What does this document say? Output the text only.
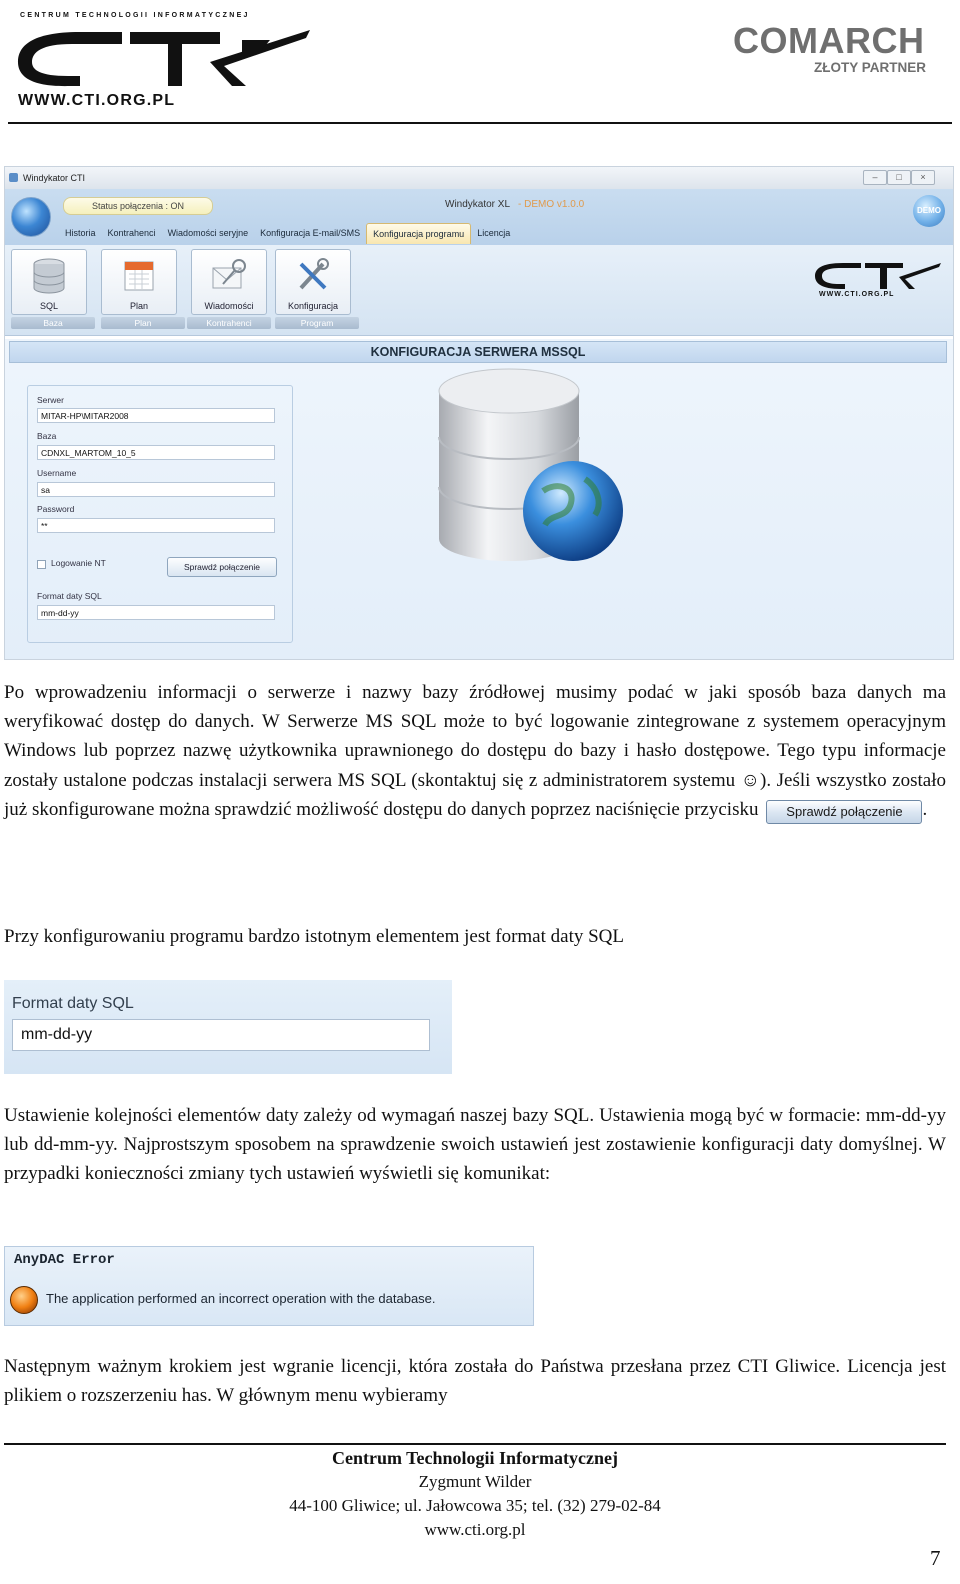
CENTRUM TECHNOLOGII INFORMATYCZNEJ
WWW.CTI.ORG.PL
COMARCH
ZŁOTY PARTNER
Windykator CTI	–	□	×
Status połączenia : ON	Windykator XL - DEMO v1.0.0
DEMO
Historia	Kontrahenci	Wiadomości seryjne	Konfiguracja E-mail/SMS	Konfiguracja programu	Licencja
SQL	Plan	Wiadomości	Konfiguracja
Baza	Plan	Kontrahenci	Program
WWW.CTI.ORG.PL
KONFIGURACJA SERWERA MSSQL
Serwer
MITAR-HP\MITAR2008
Baza
CDNXL_MARTOM_10_5
Username
sa
Password
**
Logowanie NT	Sprawdź połączenie
Format daty SQL
mm-dd-yy

Po wprowadzeniu informacji o serwerze i nazwy bazy źródłowej musimy podać w jaki sposób baza danych ma weryfikować dostęp do danych. W Serwerze MS SQL może to być logowanie zintegrowane z systemem operacyjnym Windows lub poprzez nazwę użytkownika uprawnionego do dostępu do bazy i hasło dostępowe. Tego typu informacje zostały ustalone podczas instalacji serwera MS SQL (skontaktuj się z administratorem systemu ☺). Jeśli wszystko zostało już skonfigurowane można sprawdzić możliwość dostępu do danych poprzez naciśnięcie przycisku Sprawdź połączenie .

Przy konfigurowaniu programu bardzo istotnym elementem jest format daty SQL

Format daty SQL
mm-dd-yy

Ustawienie kolejności elementów daty zależy od wymagań naszej bazy SQL. Ustawienia mogą być w formacie: mm-dd-yy lub dd-mm-yy. Najprostszym sposobem na sprawdzenie swoich ustawień jest zostawienie konfiguracji daty domyślnej. W przypadki konieczności zmiany tych ustawień wyświetli się komunikat:

AnyDAC Error
The application performed an incorrect operation with the database.

Następnym ważnym krokiem jest wgranie licencji, która została do Państwa przesłana przez CTI Gliwice. Licencja jest plikiem o rozszerzeniu has. W głównym menu wybieramy

Centrum Technologii Informatycznej
Zygmunt Wilder
44-100 Gliwice; ul. Jałowcowa 35; tel. (32) 279-02-84
www.cti.org.pl
7
